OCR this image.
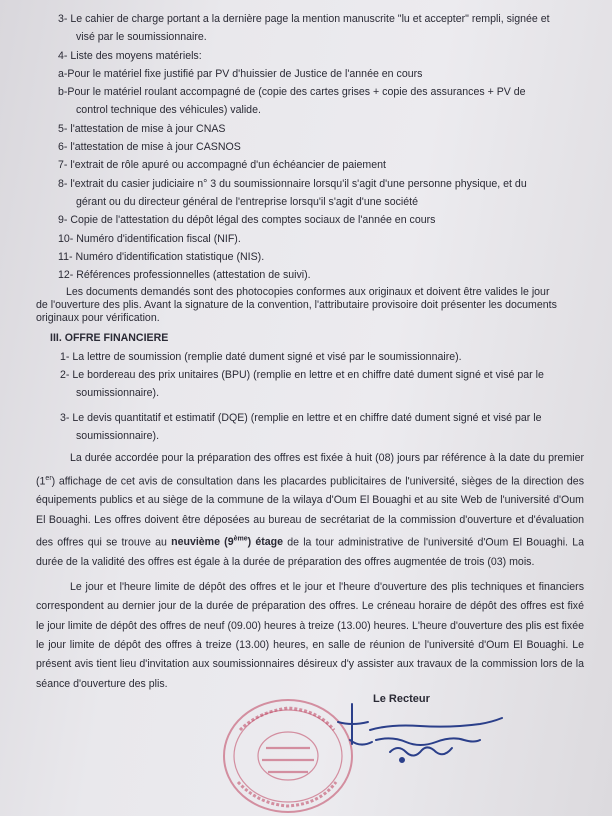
3- Le cahier de charge portant a la dernière page la mention manuscrite "lu et accepter" rempli, signée et
visé par le soumissionnaire.
4- Liste des moyens matériels:
a-Pour le matériel fixe justifié par PV d'huissier de Justice de l'année en cours
b-Pour le matériel roulant accompagné de (copie des cartes grises + copie des assurances + PV de
control technique des véhicules) valide.
5- l'attestation de mise à jour CNAS
6- l'attestation de mise à jour CASNOS
7- l'extrait de rôle apuré ou accompagné d'un échéancier de paiement
8- l'extrait du casier judiciaire n° 3 du soumissionnaire lorsqu'il s'agit d'une personne physique, et du
gérant ou du directeur général de l'entreprise lorsqu'il s'agit d'une société
9- Copie de l'attestation du dépôt légal des comptes sociaux de l'année en cours
10- Numéro d'identification fiscal (NIF).
11- Numéro d'identification statistique (NIS).
12- Références professionnelles (attestation de suivi).
Les documents demandés sont des photocopies conformes aux originaux et doivent être valides le jour
de l'ouverture des plis. Avant la signature de la convention, l'attributaire provisoire doit présenter les documents
originaux pour vérification.
III. OFFRE FINANCIERE
1- La lettre de soumission (remplie daté dument signé et visé par le soumissionnaire).
2- Le bordereau des prix unitaires (BPU) (remplie en lettre et en chiffre daté dument signé et visé par le
soumissionnaire).
3- Le devis quantitatif et estimatif (DQE) (remplie en lettre et en chiffre daté dument signé et visé par le
soumissionnaire).
La durée accordée pour la préparation des offres est fixée à huit (08) jours par référence à la date du premier (1er) affichage de cet avis de consultation dans les placardes publicitaires de l'université, sièges de la direction des équipements publics et au siège de la commune de la wilaya d'Oum El Bouaghi et au site Web de l'université d'Oum El Bouaghi. Les offres doivent être déposées au bureau de secrétariat de la commission d'ouverture et d'évaluation des offres qui se trouve au neuvième (9ème) étage de la tour administrative de l'université d'Oum El Bouaghi. La durée de la validité des offres est égale à la durée de préparation des offres augmentée de trois (03) mois.
Le jour et l'heure limite de dépôt des offres et le jour et l'heure d'ouverture des plis techniques et financiers correspondent au dernier jour de la durée de préparation des offres. Le créneau horaire de dépôt des offres est fixé le jour limite de dépôt des offres de neuf (09.00) heures à treize (13.00) heures. L'heure d'ouverture des plis est fixée le jour limite de dépôt des offres à treize (13.00) heures, en salle de réunion de l'université d'Oum El Bouaghi. Le présent avis tient lieu d'invitation aux soumissionnaires désireux d'y assister aux travaux de la commission lors de la séance d'ouverture des plis.
Le Recteur
